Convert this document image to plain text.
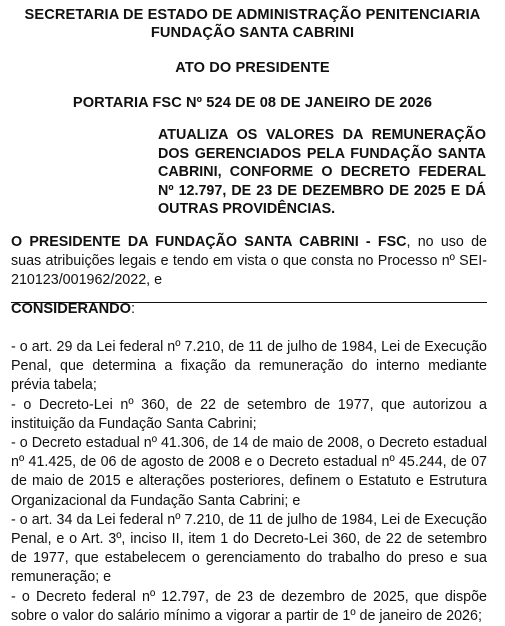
SECRETARIA DE ESTADO DE ADMINISTRAÇÃO PENITENCIARIA
FUNDAÇÃO SANTA CABRINI
ATO DO PRESIDENTE
PORTARIA FSC Nº 524 DE 08 DE JANEIRO DE 2026

ATUALIZA OS VALORES DA REMUNERAÇÃO DOS GERENCIADOS PELA FUNDAÇÃO SANTA CABRINI, CONFORME O DECRETO FEDERAL Nº 12.797, DE 23 DE DEZEMBRO DE 2025 E DÁ OUTRAS PROVIDÊNCIAS.

O PRESIDENTE DA FUNDAÇÃO SANTA CABRINI - FSC, no uso de suas atribuições legais e tendo em vista o que consta no Processo nº SEI-210123/001962/2022, e

CONSIDERANDO:
- o art. 29 da Lei federal nº 7.210, de 11 de julho de 1984, Lei de Execução Penal, que determina a fixação da remuneração do interno mediante prévia tabela;
- o Decreto-Lei nº 360, de 22 de setembro de 1977, que autorizou a instituição da Fundação Santa Cabrini;
- o Decreto estadual nº 41.306, de 14 de maio de 2008, o Decreto estadual nº 41.425, de 06 de agosto de 2008 e o Decreto estadual nº 45.244, de 07 de maio de 2015 e alterações posteriores, definem o Estatuto e Estrutura Organizacional da Fundação Santa Cabrini; e
- o art. 34 da Lei federal nº 7.210, de 11 de julho de 1984, Lei de Execução Penal, e o Art. 3º, inciso II, item 1 do Decreto-Lei 360, de 22 de setembro de 1977, que estabelecem o gerenciamento do trabalho do preso e sua remuneração; e
- o Decreto federal nº 12.797, de 23 de dezembro de 2025, que dispõe sobre o valor do salário mínimo a vigorar a partir de 1º de janeiro de 2026;
